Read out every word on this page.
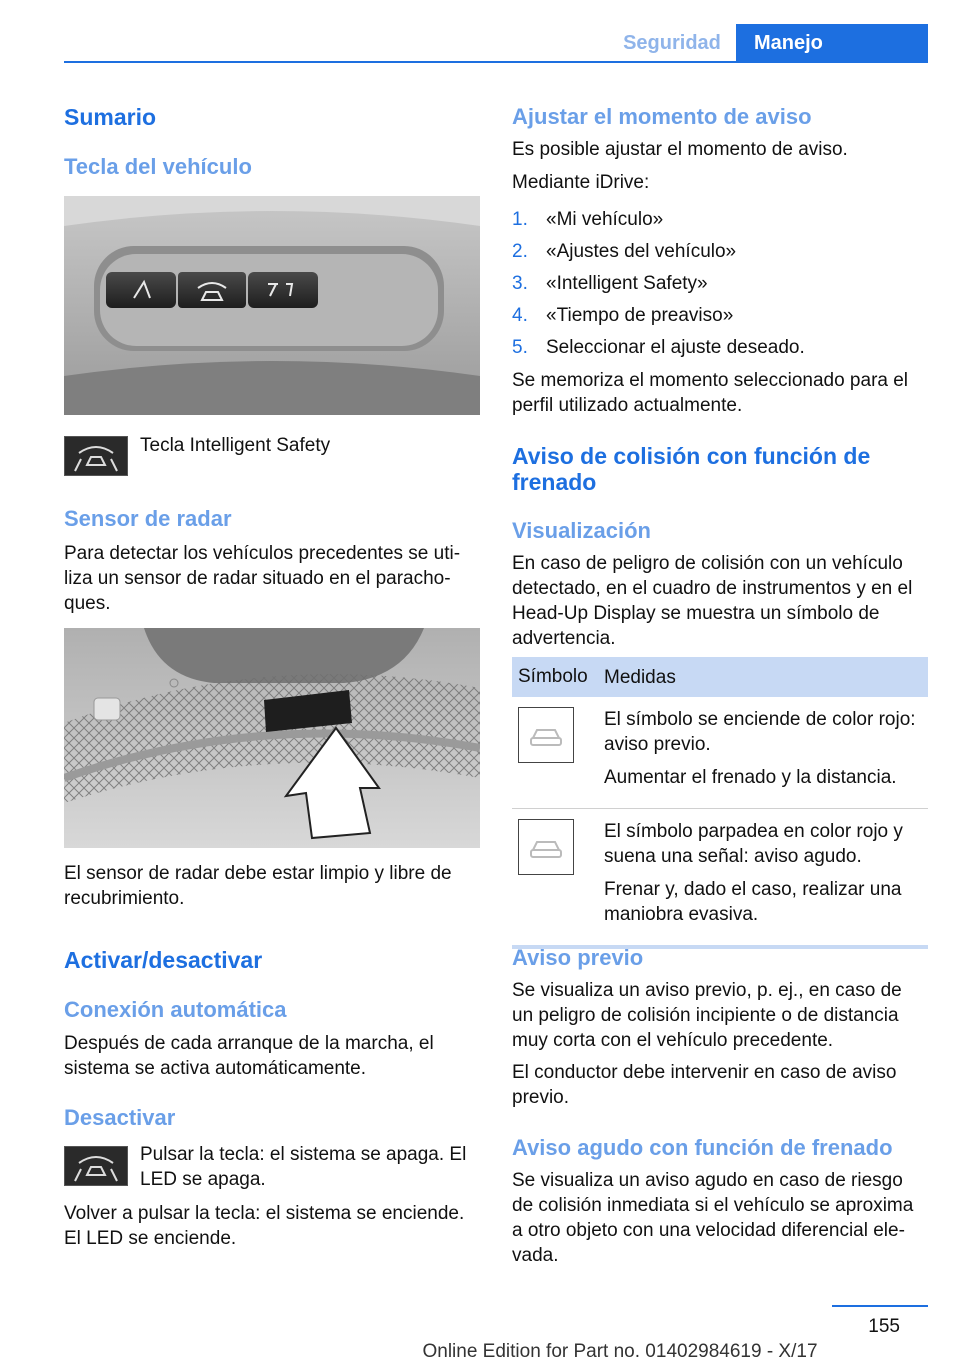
Seguridad	Manejo
Sumario
Tecla del vehículo
Tecla Intelligent Safety
Sensor de radar
Para detectar los vehículos precedentes se utiliza un sensor de radar situado en el parachoques.
El sensor de radar debe estar limpio y libre de recubrimiento.
Activar/desactivar
Conexión automática
Después de cada arranque de la marcha, el sistema se activa automáticamente.
Desactivar
Pulsar la tecla: el sistema se apaga. El LED se apaga.
Volver a pulsar la tecla: el sistema se enciende. El LED se enciende.
Ajustar el momento de aviso
Es posible ajustar el momento de aviso.
Mediante iDrive:
1. «Mi vehículo»
2. «Ajustes del vehículo»
3. «Intelligent Safety»
4. «Tiempo de preaviso»
5. Seleccionar el ajuste deseado.
Se memoriza el momento seleccionado para el perfil utilizado actualmente.
Aviso de colisión con función de frenado
Visualización
En caso de peligro de colisión con un vehículo detectado, en el cuadro de instrumentos y en el Head-Up Display se muestra un símbolo de advertencia.
Símbolo Medidas

El símbolo se enciende de color rojo: aviso previo.

Aumentar el frenado y la distancia.

El símbolo parpadea en color rojo y suena una señal: aviso agudo.

Frenar y, dado el caso, realizar una maniobra evasiva.

Aviso previo
Se visualiza un aviso previo, p. ej., en caso de un peligro de colisión incipiente o de distancia muy corta con el vehículo precedente.
El conductor debe intervenir en caso de aviso previo.
Aviso agudo con función de frenado
Se visualiza un aviso agudo en caso de riesgo de colisión inmediata si el vehículo se aproxima a otro objeto con una velocidad diferencial elevada.
155
Online Edition for Part no. 01402984619 - X/17
